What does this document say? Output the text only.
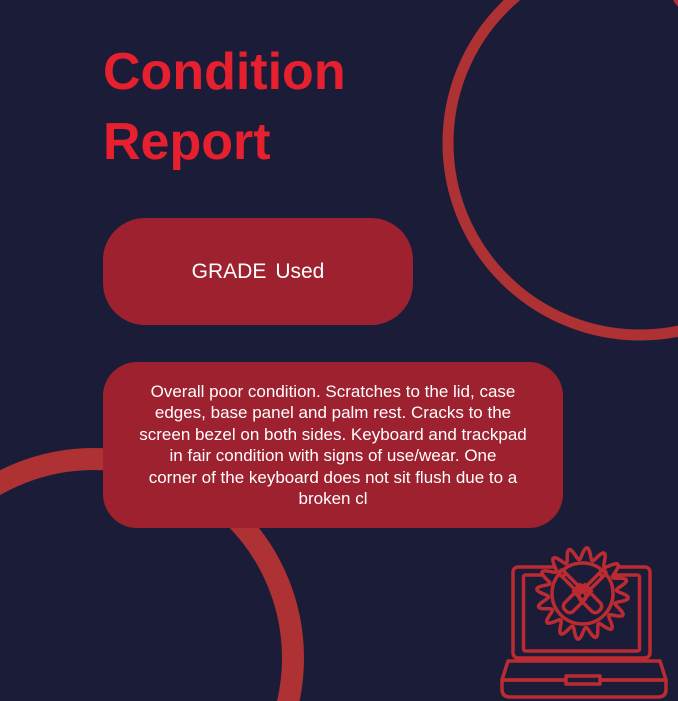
Condition
Report
GRADE Used

Overall poor condition. Scratches to the lid, case
edges, base panel and palm rest. Cracks to the
screen bezel on both sides. Keyboard and trackpad
in fair condition with signs of use/wear. One
corner of the keyboard does not sit flush due to a
broken cl
